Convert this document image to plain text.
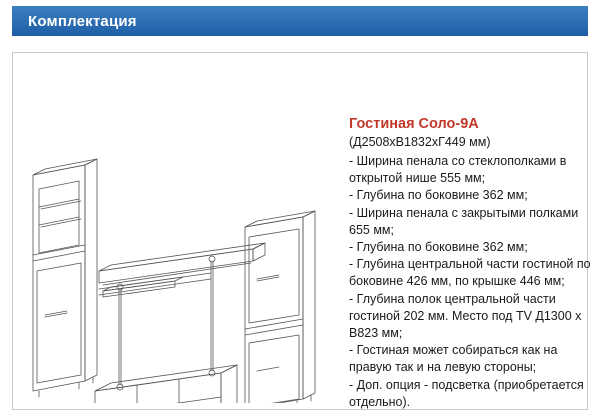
Комплектация
Гостиная Соло-9А
(Д2508хВ1832хГ449 мм)
- Ширина пенала со стеклополками в открытой нише 555 мм;
- Глубина по боковине 362 мм;
- Ширина пенала с закрытыми полками 655 мм;
- Глубина по боковине 362 мм;
- Глубина центральной части гостиной по боковине 426 мм, по крышке 446 мм;
- Глубина полок центральной части гостиной 202 мм. Место под TV Д1300 х В823 мм;
- Гостиная может собираться как на правую так и на левую стороны;
- Доп. опция - подсветка (приобретается отдельно).
